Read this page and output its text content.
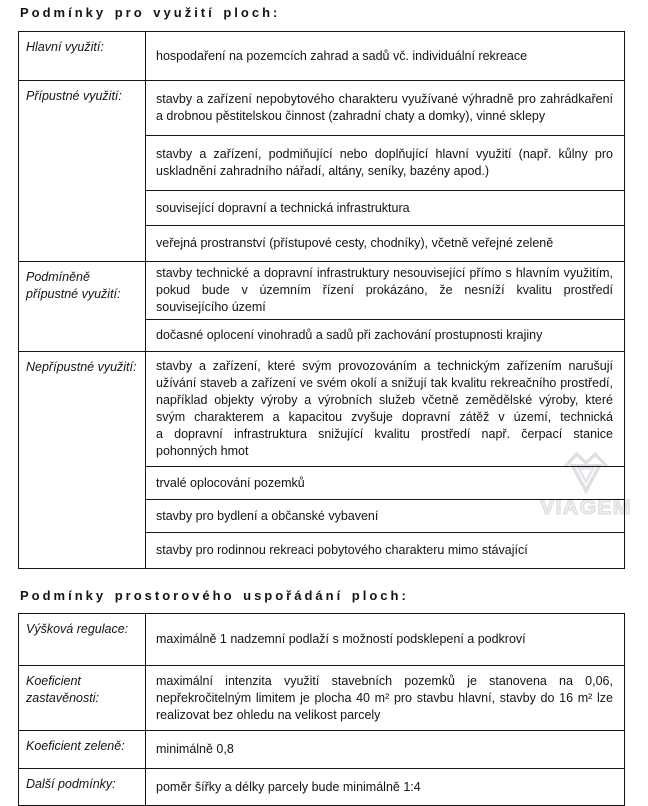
VIAGEM
Podmínky pro využití ploch:
Hlavní využití:	hospodaření na pozemcích zahrad a sadů vč. individuální rekreace
Přípustné využití:	stavby a zařízení nepobytového charakteru využívané výhradně pro zahrádkaření a drobnou pěstitelskou činnost (zahradní chaty a domky), vinné sklepy
	stavby a zařízení, podmiňující nebo doplňující hlavní využití (např. kůlny pro uskladnění zahradního nářadí, altány, seníky, bazény apod.)
	související dopravní a technická infrastruktura
	veřejná prostranství (přístupové cesty, chodníky), včetně veřejné zeleně
Podmíněně přípustné využití:	stavby technické a dopravní infrastruktury nesouvisející přímo s hlavním využitím, pokud bude v územním řízení prokázáno, že nesníží kvalitu prostředí souvisejícího území
	dočasné oplocení vinohradů a sadů při zachování prostupnosti krajiny
Nepřípustné využití:	stavby a zařízení, které svým provozováním a technickým zařízením narušují užívání staveb a zařízení ve svém okolí a snižují tak kvalitu rekreačního prostředí, například objekty výroby a výrobních služeb včetně zemědělské výroby, které svým charakterem a kapacitou zvyšuje dopravní zátěž v území, technická a dopravní infrastruktura snižující kvalitu prostředí např. čerpací stanice pohonných hmot
	trvalé oplocování pozemků
	stavby pro bydlení a občanské vybavení
	stavby pro rodinnou rekreaci pobytového charakteru mimo stávající
Podmínky prostorového uspořádání ploch:
Výšková regulace:	maximálně 1 nadzemní podlaží s možností podsklepení a podkroví
Koeficient zastavěnosti:	maximální intenzita využití stavebních pozemků je stanovena na 0,06, nepřekročitelným limitem je plocha 40 m² pro stavbu hlavní, stavby do 16 m² lze realizovat bez ohledu na velikost parcely
Koeficient zeleně:	minimálně 0,8
Další podmínky:	poměr šířky a délky parcely bude minimálně 1:4
